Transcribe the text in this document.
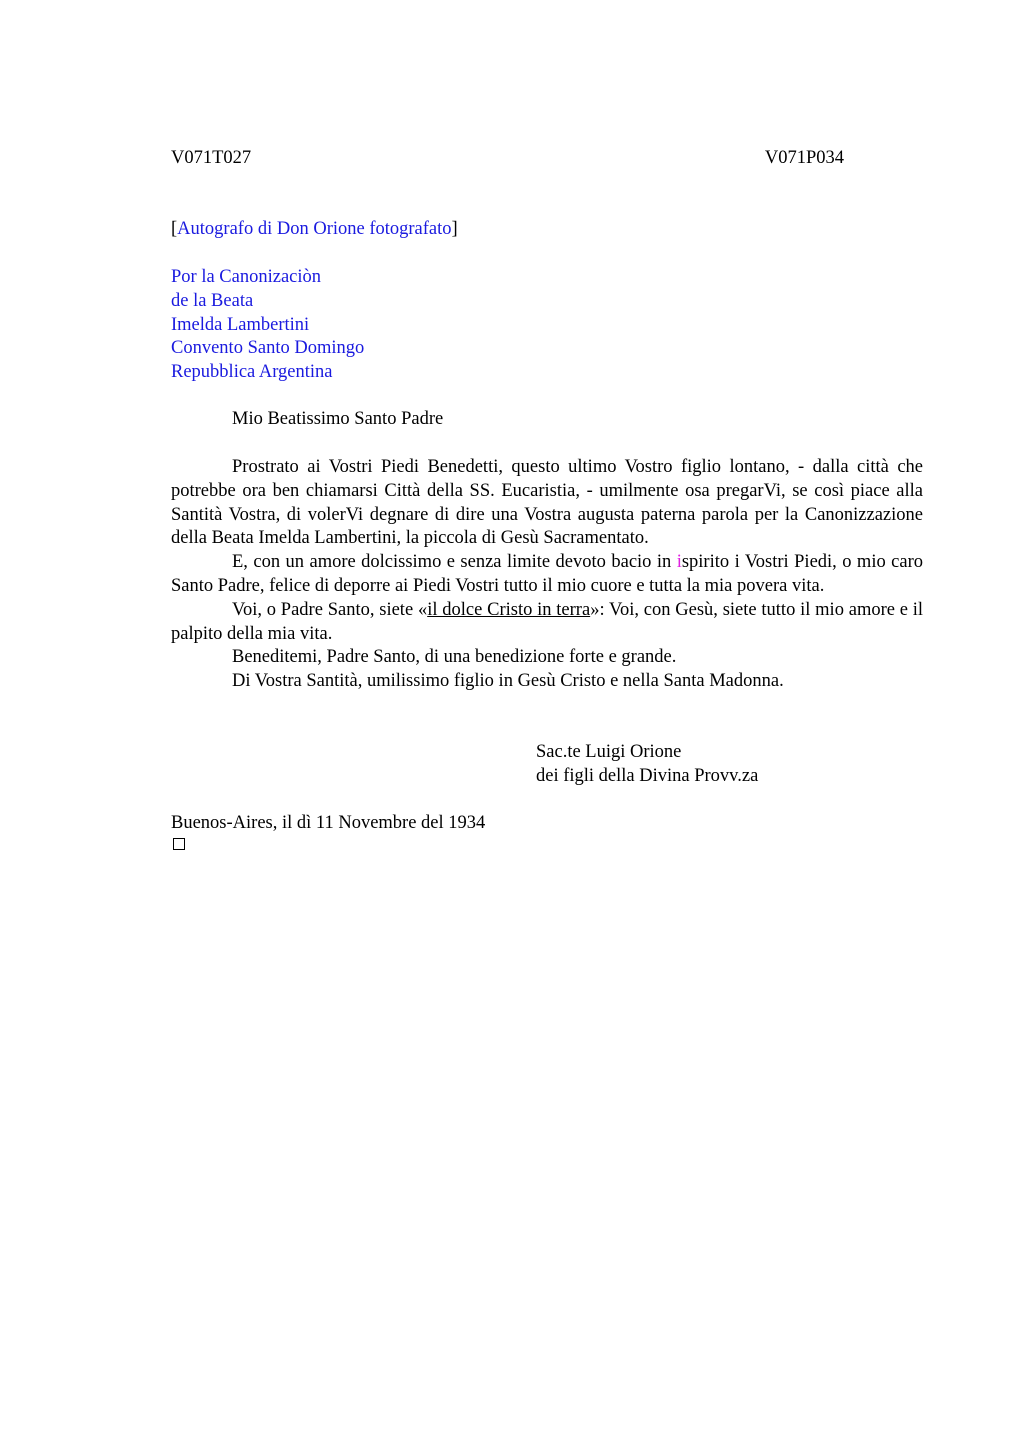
V071T027	V071P034
[Autografo di Don Orione fotografato]
Por la Canonizaciòn
de la Beata
Imelda Lambertini
Convento Santo Domingo
Repubblica Argentina
Mio Beatissimo Santo Padre

Prostrato ai Vostri Piedi Benedetti, questo ultimo Vostro figlio lontano, - dalla città che potrebbe ora ben chiamarsi Città della SS. Eucaristia, - umilmente osa pregarVi, se così piace alla Santità Vostra, di volerVi degnare di dire una Vostra augusta paterna parola per la Canonizzazione della Beata Imelda Lambertini, la piccola di Gesù Sacramentato.

E, con un amore dolcissimo e senza limite devoto bacio in ispirito i Vostri Piedi, o mio caro Santo Padre, felice di deporre ai Piedi Vostri tutto il mio cuore e tutta la mia povera vita.

Voi, o Padre Santo, siete «il dolce Cristo in terra»: Voi, con Gesù, siete tutto il mio amore e il palpito della mia vita.

Beneditemi, Padre Santo, di una benedizione forte e grande.

Di Vostra Santità, umilissimo figlio in Gesù Cristo e nella Santa Madonna.

Sac.te Luigi Orione
dei figli della Divina Provv.za
Buenos-Aires, il dì 11 Novembre del 1934
